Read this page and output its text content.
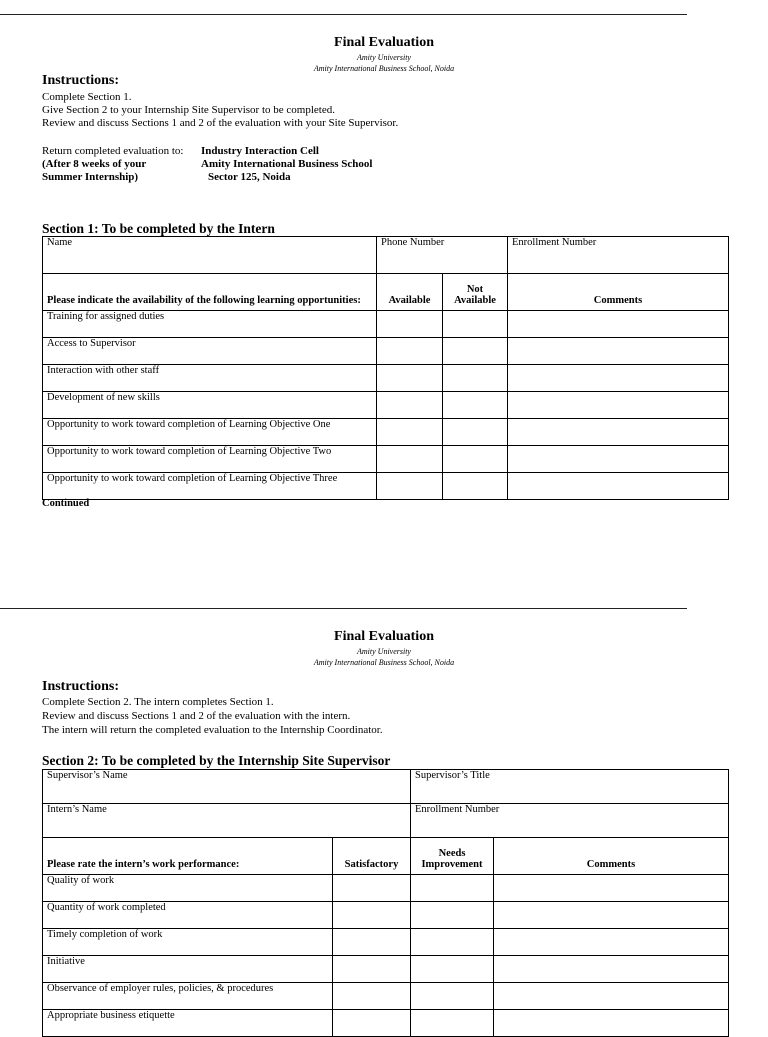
Final Evaluation
Amity University
Amity International Business School, Noida
Instructions:
Complete Section 1.
Give Section 2 to your Internship Site Supervisor to be completed.
Review and discuss Sections 1 and 2 of the evaluation with your Site Supervisor.
Return completed evaluation to: Industry Interaction Cell
(After 8 weeks of your	Amity International Business School
Summer Internship)	Sector 125, Noida
Section 1: To be completed by the Intern
Name	Phone Number		Enrollment Number
Please indicate the availability of the following learning opportunities:	Available	Not Available	Comments
Training for assigned duties			
Access to Supervisor			
Interaction with other staff			
Development of new skills			
Opportunity to work toward completion of Learning Objective One			
Opportunity to work toward completion of Learning Objective Two			
Opportunity to work toward completion of Learning Objective Three			
Continued
Final Evaluation
Amity University
Amity International Business School, Noida
Instructions:
Complete Section 2. The intern completes Section 1.
Review and discuss Sections 1 and 2 of the evaluation with the intern.
The intern will return the completed evaluation to the Internship Coordinator.
Section 2: To be completed by the Internship Site Supervisor
Supervisor’s Name		Supervisor’s Title	
Intern’s Name		Enrollment Number	
Please rate the intern’s work performance:	Satisfactory	Needs Improvement	Comments
Quality of work			
Quantity of work completed			
Timely completion of work			
Initiative			
Observance of employer rules, policies, & procedures			
Appropriate business etiquette			
